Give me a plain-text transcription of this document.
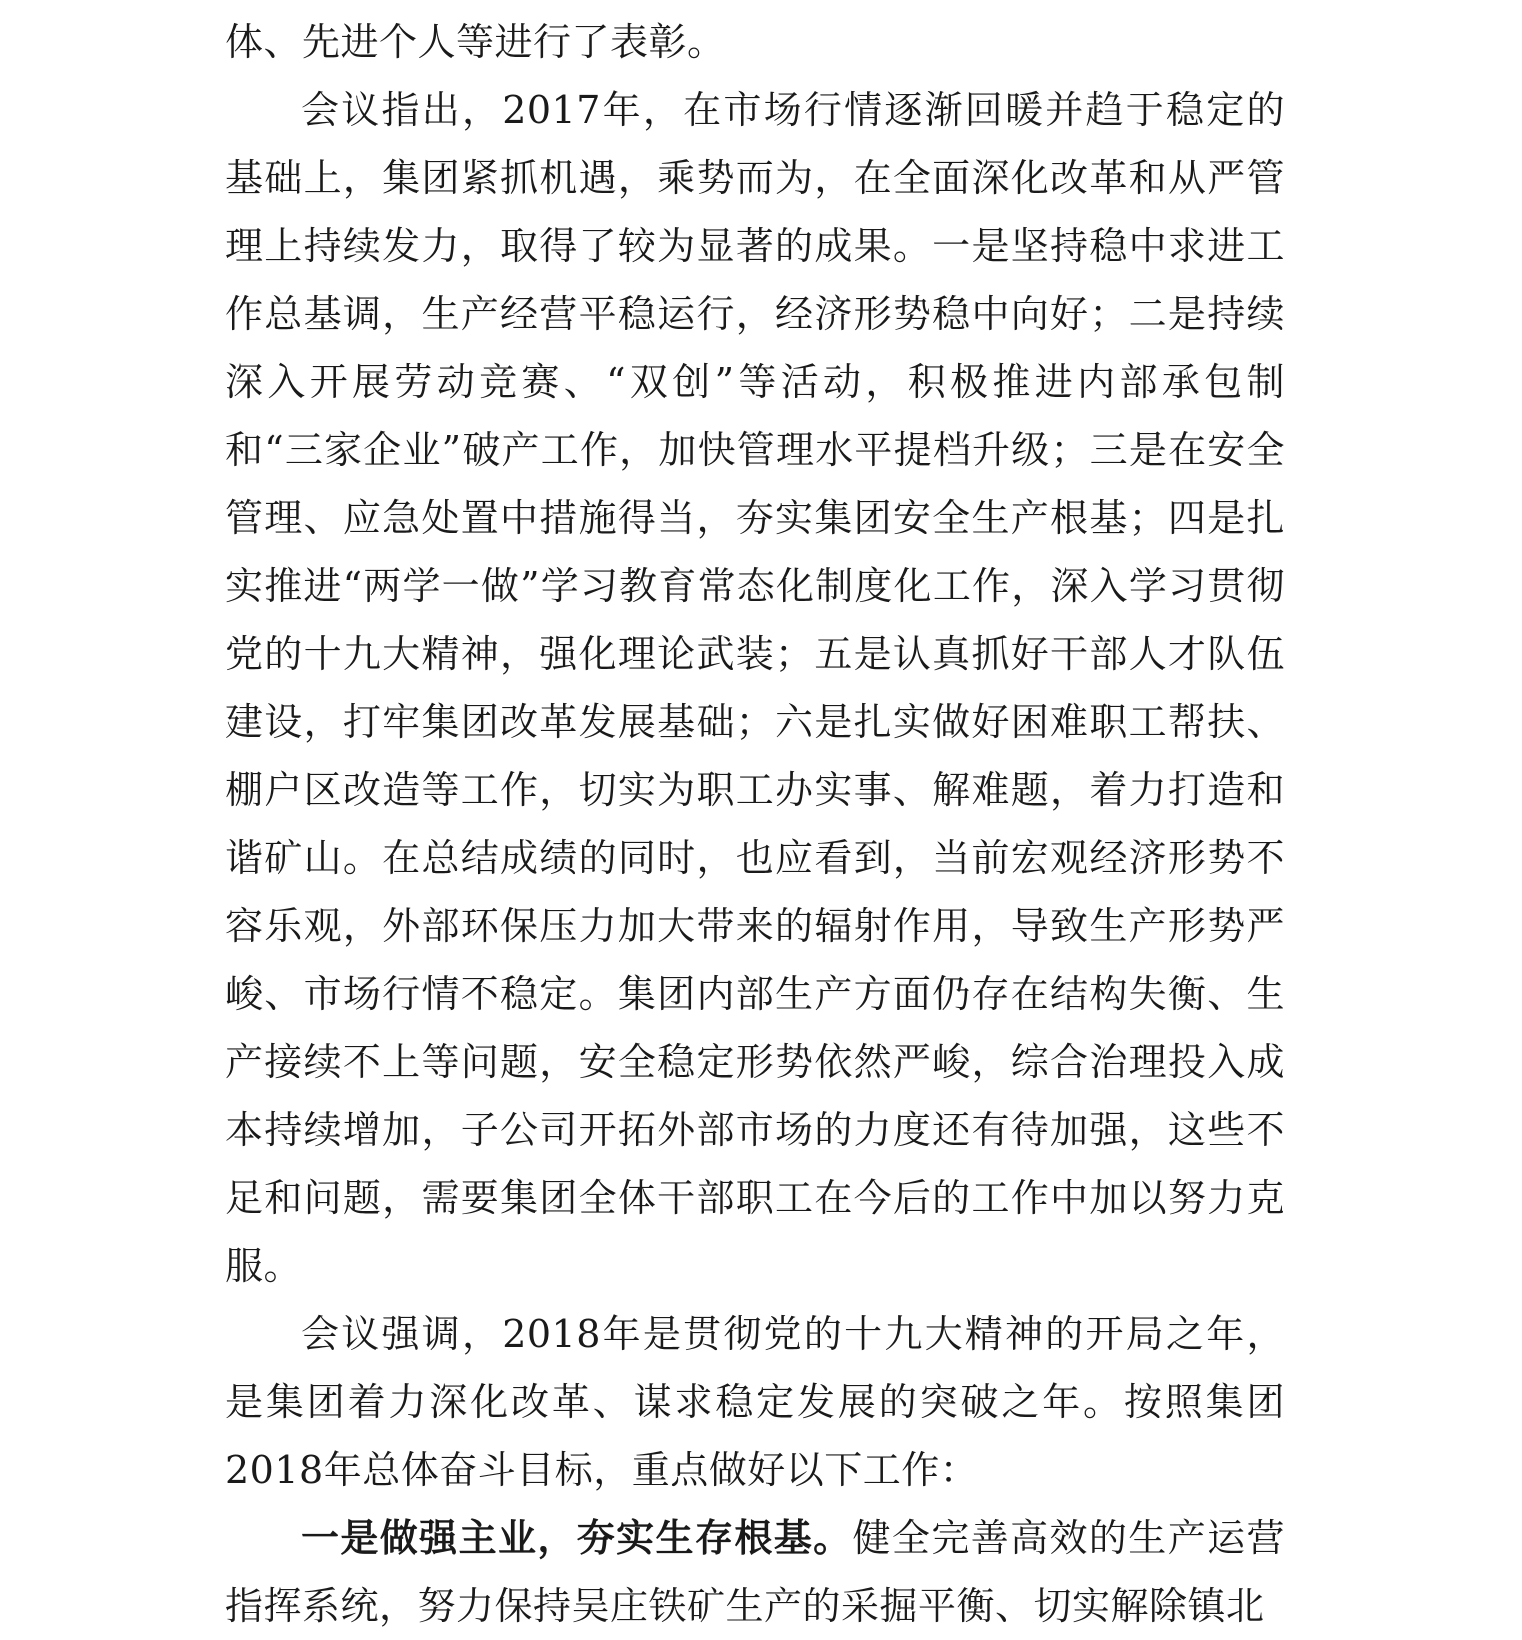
体、先进个人等进行了表彰。

会议指出，2017年，在市场行情逐渐回暖并趋于稳定的基础上，集团紧抓机遇，乘势而为，在全面深化改革和从严管理上持续发力，取得了较为显著的成果。一是坚持稳中求进工作总基调，生产经营平稳运行，经济形势稳中向好；二是持续深入开展劳动竞赛、“双创”等活动，积极推进内部承包制和“三家企业”破产工作，加快管理水平提档升级；三是在安全管理、应急处置中措施得当，夯实集团安全生产根基；四是扎实推进“两学一做”学习教育常态化制度化工作，深入学习贯彻党的十九大精神，强化理论武装；五是认真抓好干部人才队伍建设，打牢集团改革发展基础；六是扎实做好困难职工帮扶、棚户区改造等工作，切实为职工办实事、解难题，着力打造和谐矿山。在总结成绩的同时，也应看到，当前宏观经济形势不容乐观，外部环保压力加大带来的辐射作用，导致生产形势严峻、市场行情不稳定。集团内部生产方面仍存在结构失衡、生产接续不上等问题，安全稳定形势依然严峻，综合治理投入成本持续增加，子公司开拓外部市场的力度还有待加强，这些不足和问题，需要集团全体干部职工在今后的工作中加以努力克服。

会议强调，2018年是贯彻党的十九大精神的开局之年，是集团着力深化改革、谋求稳定发展的突破之年。按照集团2018年总体奋斗目标，重点做好以下工作：

一是做强主业，夯实生存根基。健全完善高效的生产运营指挥系统，努力保持吴庄铁矿生产的采掘平衡、切实解除镇北
